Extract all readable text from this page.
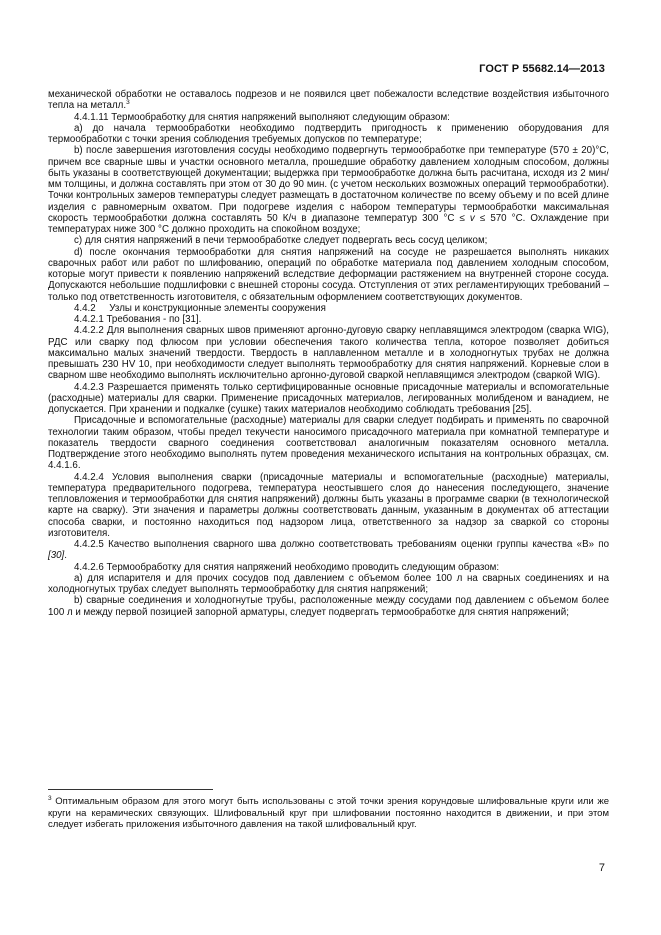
ГОСТ Р 55682.14—2013

механической обработки не оставалось подрезов и не появился цвет побежалости вследствие воздействия избыточного тепла на металл.$^3$

4.4.1.11 Термообработку для снятия напряжений выполняют следующим образом:

a) до начала термообработки необходимо подтвердить пригодность к применению оборудования для термообработки с точки зрения соблюдения требуемых допусков по температуре;

b) после завершения изготовления сосуды необходимо подвергнуть термообработке при температуре (570 ± 20)°С, причем все сварные швы и участки основного металла, прошедшие обработку давлением холодным способом, должны быть указаны в соответствующей документации; выдержка при термообработке должна быть расчитана, исходя из 2 мин/мм толщины, и должна составлять при этом от 30 до 90 мин. (с учетом нескольких возможных операций термообработки). Точки контрольных замеров температуры следует размещать в достаточном количестве по всему объему и по всей длине изделия с равномерным охватом. При подогреве изделия с набором температуры термообработки максимальная скорость термообработки должна составлять 50 К/ч в диапазоне температур 300 °С ≤ v ≤ 570 °С. Охлаждение при температурах ниже 300 °С должно проходить на спокойном воздухе;

c) для снятия напряжений в печи термообработке следует подвергать весь сосуд целиком;

d) после окончания термообработки для снятия напряжений на сосуде не разрешается выполнять никаких сварочных работ или работ по шлифованию, операций по обработке материала под давлением холодным способом, которые могут привести к появлению напряжений вследствие деформации растяжением на внутренней стороне сосуда. Допускаются небольшие подшлифовки с внешней стороны сосуда. Отступления от этих регламентирующих требований – только под ответственность изготовителя, с обязательным оформлением соответствующих документов.

4.4.2     Узлы и конструкционные элементы сооружения

4.4.2.1 Требования - по [31].

4.4.2.2 Для выполнения сварных швов применяют аргонно-дуговую сварку неплавящимся электродом (сварка WIG), РДС или сварку под флюсом при условии обеспечения такого количества тепла, которое позволяет добиться максимально малых значений твердости. Твердость в наплавленном металле и в холодногнутых трубах не должна превышать 230 HV 10, при необходимости следует выполнять термообработку для снятия напряжений. Корневые слои в сварном шве необходимо выполнять исключительно аргонно-дуговой сваркой неплавящимся электродом (сваркой WIG).

4.4.2.3 Разрешается применять только сертифицированные основные присадочные материалы и вспомогательные (расходные) материалы для сварки. Применение присадочных материалов, легированных молибденом и ванадием, не допускается. При хранении и подкалке (сушке) таких материалов необходимо соблюдать требования [25].

Присадочные и вспомогательные (расходные) материалы для сварки следует подбирать и применять по сварочной технологии таким образом, чтобы предел текучести наносимого присадочного материала при комнатной температуре и показатель твердости сварного соединения соответствовал аналогичным показателям основного металла. Подтверждение этого необходимо выполнять путем проведения механического испытания на контрольных образцах, см. 4.4.1.6.

4.4.2.4 Условия выполнения сварки (присадочные материалы и вспомогательные (расходные) материалы, температура предварительного подогрева, температура неостывшего слоя до нанесения последующего, значение тепловложения и термообработки для снятия напряжений) должны быть указаны в программе сварки (в технологической карте на сварку). Эти значения и параметры должны соответствовать данным, указанным в документах об аттестации способа сварки, и постоянно находиться под надзором лица, ответственного за надзор за сваркой со стороны изготовителя.

4.4.2.5 Качество выполнения сварного шва должно соответствовать требованиям оценки группы качества «B» по [30].

4.4.2.6 Термообработку для снятия напряжений необходимо проводить следующим образом:

a) для испарителя и для прочих сосудов под давлением с объемом более 100 л на сварных соединениях и на холодногнутых трубах следует выполнять термообработку для снятия напряжений;

b) сварные соединения и холодногнутые трубы, расположенные между сосудами под давлением с объемом более 100 л и между первой позицией запорной арматуры, следует подвергать термообработке для снятия напряжений;

$^3$ Оптимальным образом для этого могут быть использованы с этой точки зрения корундовые шлифовальные круги или же круги на керамических связующих. Шлифовальный круг при шлифовании постоянно находится в движении, и при этом следует избегать приложения избыточного давления на такой шлифовальный круг.
7
